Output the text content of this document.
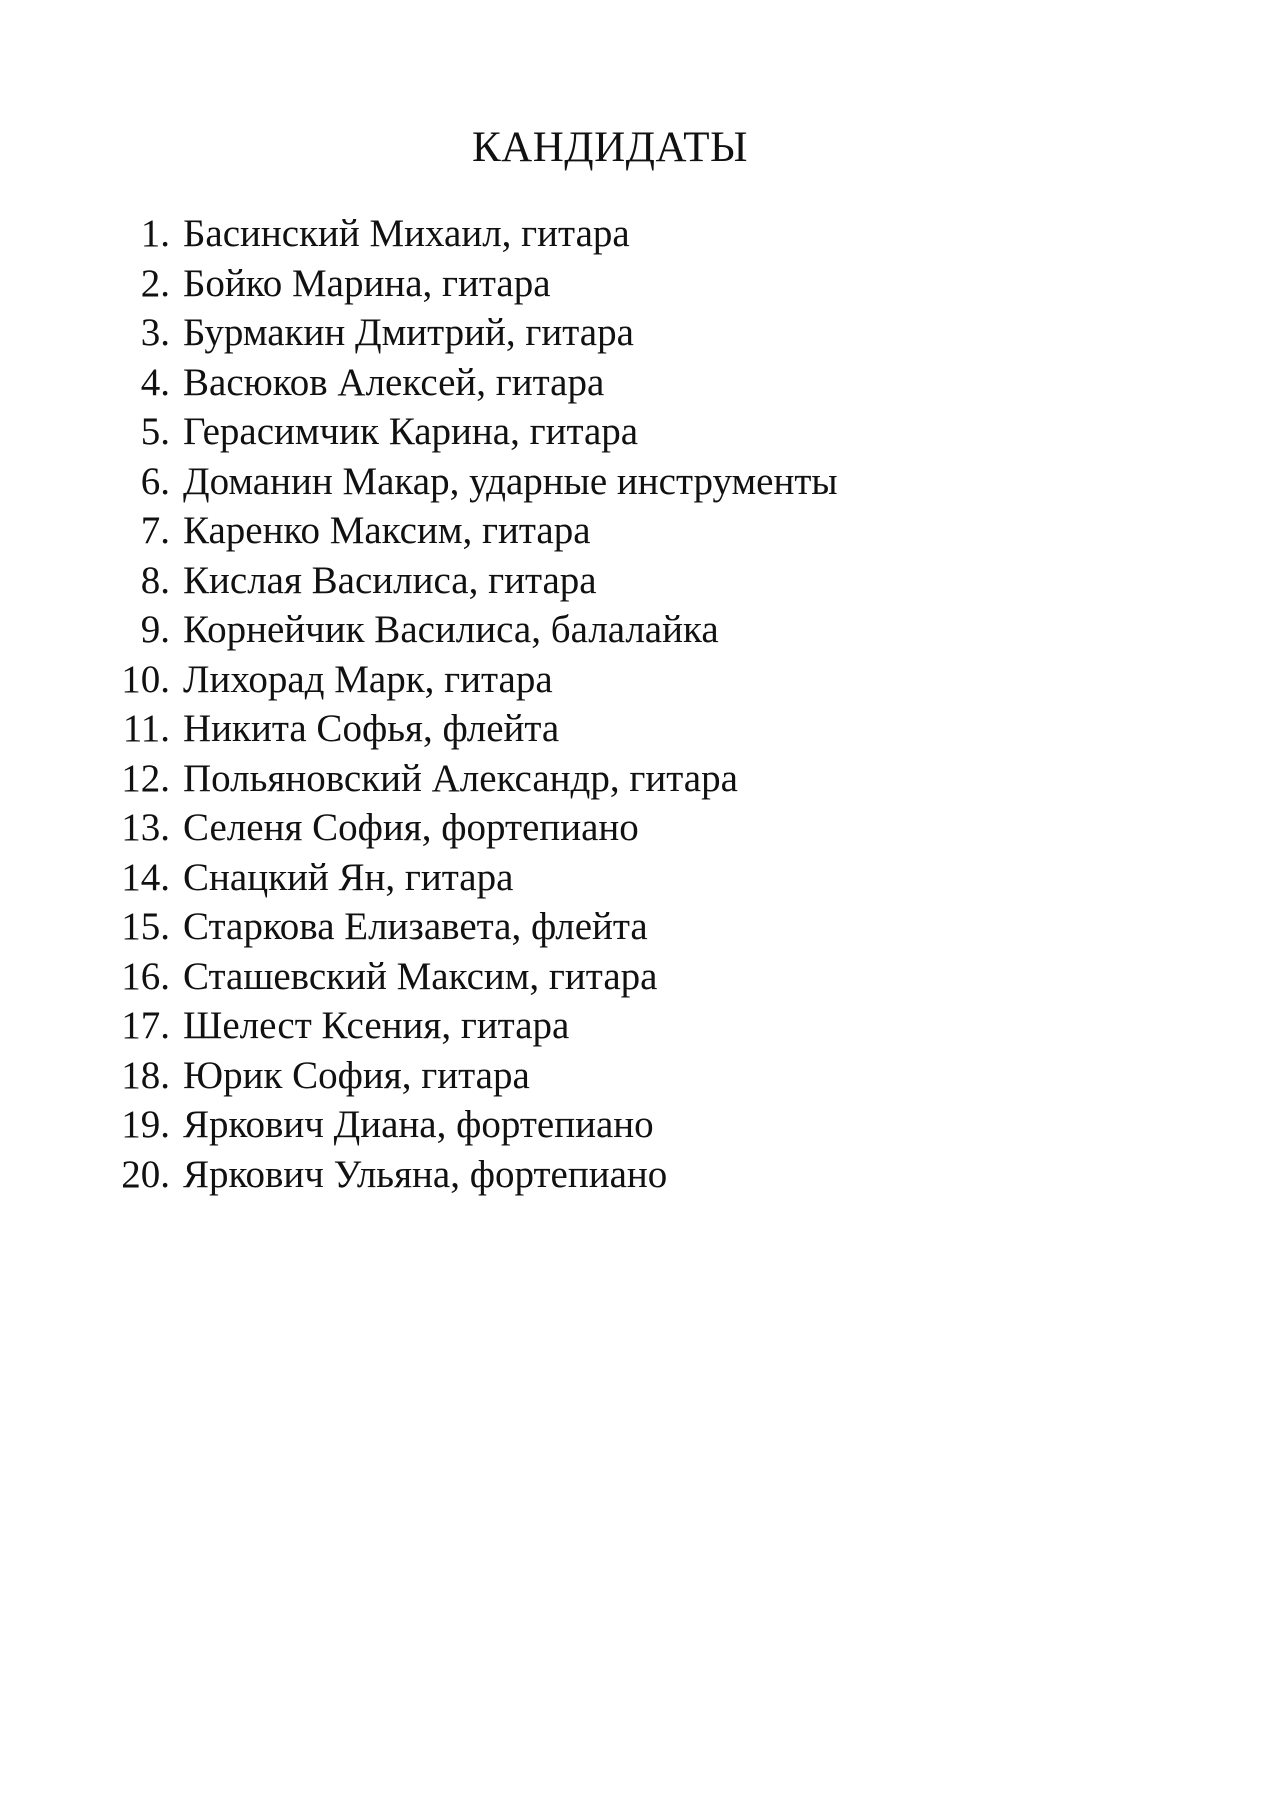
КАНДИДАТЫ
1. Басинский Михаил, гитара
2. Бойко Марина, гитара
3. Бурмакин Дмитрий, гитара
4. Васюков Алексей, гитара
5. Герасимчик Карина, гитара
6. Доманин Макар, ударные инструменты
7. Каренко Максим, гитара
8. Кислая Василиса, гитара
9. Корнейчик Василиса, балалайка
10. Лихорад Марк, гитара
11. Никита Софья, флейта
12. Польяновский Александр, гитара
13. Селеня София, фортепиано
14. Снацкий Ян, гитара
15. Старкова Елизавета, флейта
16. Сташевский Максим, гитара
17. Шелест Ксения, гитара
18. Юрик София, гитара
19. Яркович Диана, фортепиано
20. Яркович Ульяна, фортепиано
